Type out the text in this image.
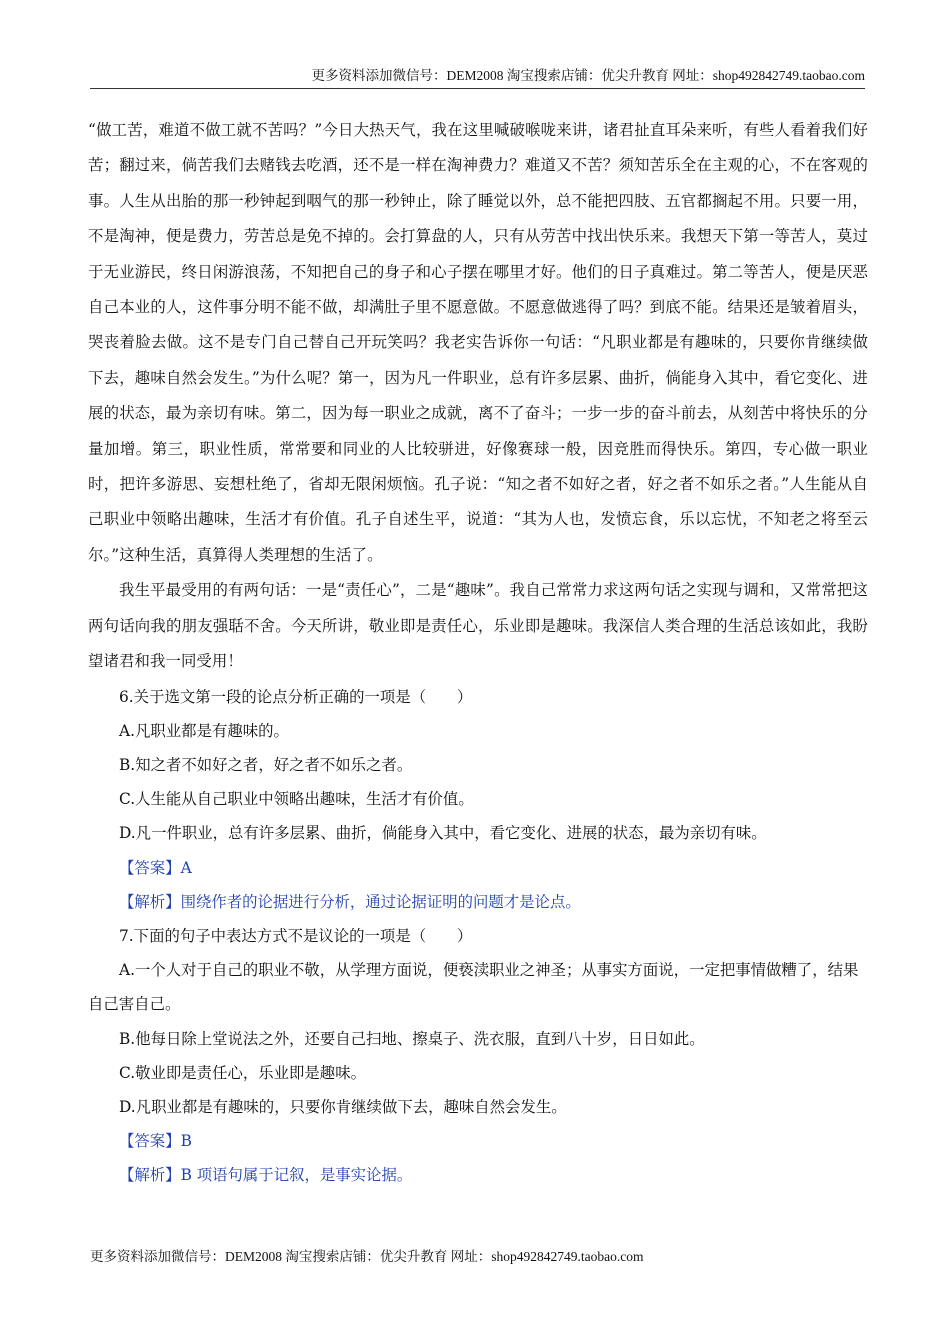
更多资料添加微信号：DEM2008 淘宝搜索店铺：优尖升教育 网址：shop492842749.taobao.com

“做工苦，难道不做工就不苦吗？”今日大热天气，我在这里喊破喉咙来讲，诸君扯直耳朵来听，有些人看着我们好苦；翻过来，倘苦我们去赌钱去吃酒，还不是一样在淘神费力？难道又不苦？须知苦乐全在主观的心，不在客观的事。人生从出胎的那一秒钟起到咽气的那一秒钟止，除了睡觉以外，总不能把四肢、五官都搁起不用。只要一用，不是淘神，便是费力，劳苦总是免不掉的。会打算盘的人，只有从劳苦中找出快乐来。我想天下第一等苦人，莫过于无业游民，终日闲游浪荡，不知把自己的身子和心子摆在哪里才好。他们的日子真难过。第二等苦人，便是厌恶自己本业的人，这件事分明不能不做，却满肚子里不愿意做。不愿意做逃得了吗？到底不能。结果还是皱着眉头，哭丧着脸去做。这不是专门自己替自己开玩笑吗？我老实告诉你一句话：“凡职业都是有趣味的，只要你肯继续做下去，趣味自然会发生。”为什么呢？第一，因为凡一件职业，总有许多层累、曲折，倘能身入其中，看它变化、进展的状态，最为亲切有味。第二，因为每一职业之成就，离不了奋斗；一步一步的奋斗前去，从刻苦中将快乐的分量加增。第三，职业性质，常常要和同业的人比较骈进，好像赛球一般，因竞胜而得快乐。第四，专心做一职业时，把许多游思、妄想杜绝了，省却无限闲烦恼。孔子说：“知之者不如好之者，好之者不如乐之者。”人生能从自己职业中领略出趣味，生活才有价值。孔子自述生平，说道：“其为人也，发愤忘食，乐以忘忧，不知老之将至云尔。”这种生活，真算得人类理想的生活了。

我生平最受用的有两句话：一是“责任心”，二是“趣味”。我自己常常力求这两句话之实现与调和，又常常把这两句话向我的朋友强聒不舍。今天所讲，敬业即是责任心，乐业即是趣味。我深信人类合理的生活总该如此，我盼望诸君和我一同受用！

6.关于选文第一段的论点分析正确的一项是（　　）

A.凡职业都是有趣味的。

B.知之者不如好之者，好之者不如乐之者。

C.人生能从自己职业中领略出趣味，生活才有价值。

D.凡一件职业，总有许多层累、曲折，倘能身入其中，看它变化、进展的状态，最为亲切有味。

【答案】A

【解析】围绕作者的论据进行分析，通过论据证明的问题才是论点。

7.下面的句子中表达方式不是议论的一项是（　　）

A.一个人对于自己的职业不敬，从学理方面说，便亵渎职业之神圣；从事实方面说，一定把事情做糟了，结果自己害自己。

B.他每日除上堂说法之外，还要自己扫地、擦桌子、洗衣服，直到八十岁，日日如此。

C.敬业即是责任心，乐业即是趣味。

D.凡职业都是有趣味的，只要你肯继续做下去，趣味自然会发生。

【答案】B

【解析】B 项语句属于记叙，是事实论据。

更多资料添加微信号：DEM2008 淘宝搜索店铺：优尖升教育 网址：shop492842749.taobao.com
